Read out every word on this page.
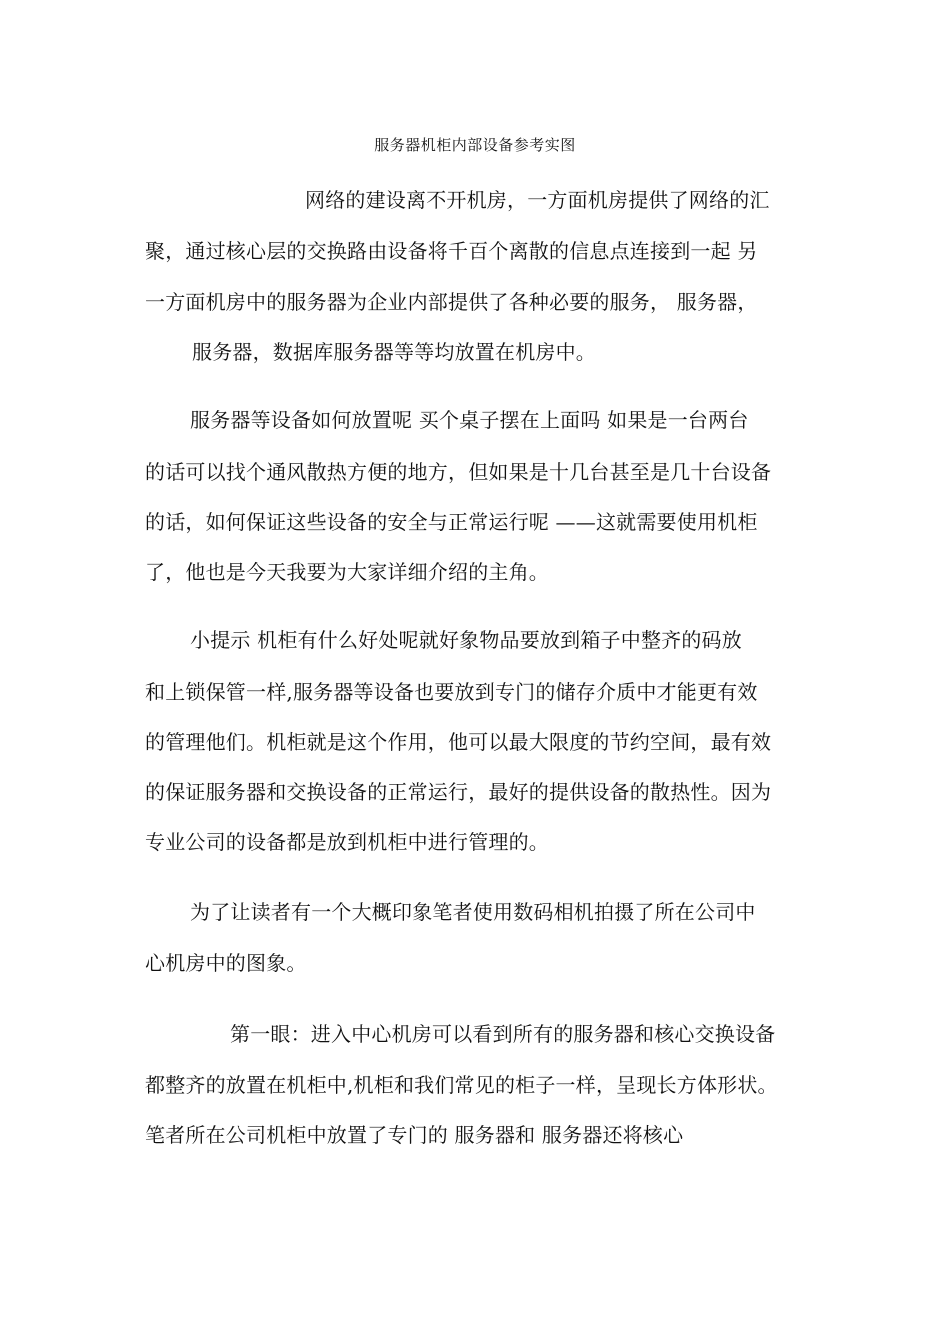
服务器机柜内部设备参考实图
网络的建设离不开机房，一方面机房提供了网络的汇
聚，通过核心层的交换路由设备将千百个离散的信息点连接到一起 另
一方面机房中的服务器为企业内部提供了各种必要的服务， 服务器，
服务器，数据库服务器等等均放置在机房中。
服务器等设备如何放置呢 买个桌子摆在上面吗 如果是一台两台
的话可以找个通风散热方便的地方，但如果是十几台甚至是几十台设备
的话，如何保证这些设备的安全与正常运行呢 ——这就需要使用机柜
了，他也是今天我要为大家详细介绍的主角。
小提示 机柜有什么好处呢就好象物品要放到箱子中整齐的码放
和上锁保管一样,服务器等设备也要放到专门的储存介质中才能更有效
的管理他们。机柜就是这个作用，他可以最大限度的节约空间，最有效
的保证服务器和交换设备的正常运行，最好的提供设备的散热性。因为
专业公司的设备都是放到机柜中进行管理的。
为了让读者有一个大概印象笔者使用数码相机拍摄了所在公司中
心机房中的图象。
第一眼：进入中心机房可以看到所有的服务器和核心交换设备
都整齐的放置在机柜中,机柜和我们常见的柜子一样，呈现长方体形状。
笔者所在公司机柜中放置了专门的 服务器和 服务器还将核心
